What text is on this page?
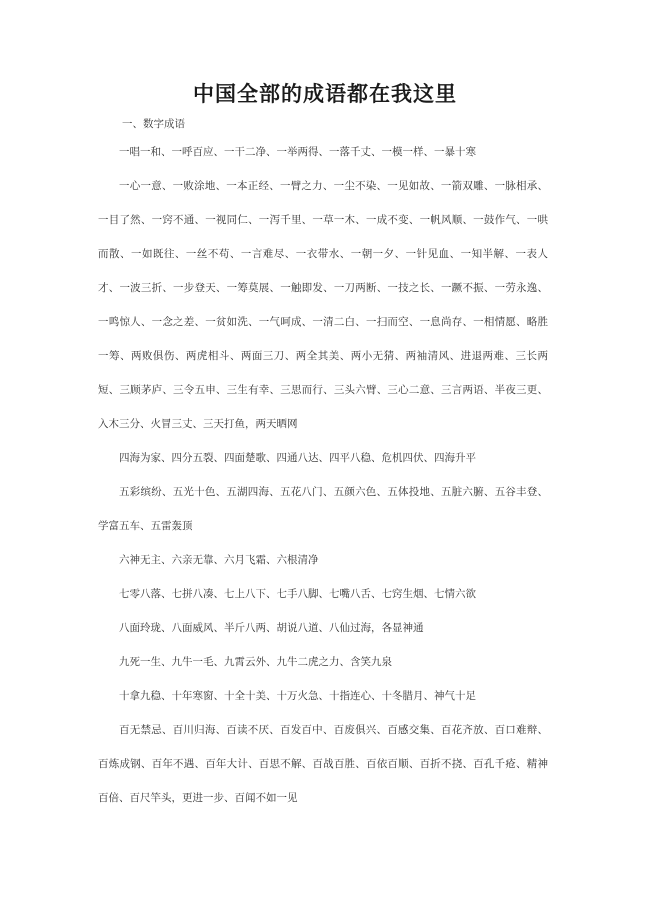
中国全部的成语都在我这里

一、数字成语

一唱一和、一呼百应、一干二净、一举两得、一落千丈、一模一样、一暴十寒

一心一意、一败涂地、一本正经、一臂之力、一尘不染、一见如故、一箭双雕、一脉相承、一目了然、一窍不通、一视同仁、一泻千里、一草一木、一成不变、一帆风顺、一鼓作气、一哄而散、一如既往、一丝不苟、一言难尽、一衣带水、一朝一夕、一针见血、一知半解、一表人才、一波三折、一步登天、一筹莫展、一触即发、一刀两断、一技之长、一蹶不振、一劳永逸、一鸣惊人、一念之差、一贫如洗、一气呵成、一清二白、一扫而空、一息尚存、一相情愿、略胜一筹、两败俱伤、两虎相斗、两面三刀、两全其美、两小无猜、两袖清风、进退两难、三长两短、三顾茅庐、三令五申、三生有幸、三思而行、三头六臂、三心二意、三言两语、半夜三更、入木三分、火冒三丈、三天打鱼，两天晒网

四海为家、四分五裂、四面楚歌、四通八达、四平八稳、危机四伏、四海升平

五彩缤纷、五光十色、五湖四海、五花八门、五颜六色、五体投地、五脏六腑、五谷丰登、学富五车、五雷轰顶

六神无主、六亲无靠、六月飞霜、六根清净

七零八落、七拼八凑、七上八下、七手八脚、七嘴八舌、七窍生烟、七情六欲

八面玲珑、八面威风、半斤八两、胡说八道、八仙过海，各显神通

九死一生、九牛一毛、九霄云外、九牛二虎之力、含笑九泉

十拿九稳、十年寒窗、十全十美、十万火急、十指连心、十冬腊月、神气十足

百无禁忌、百川归海、百读不厌、百发百中、百废俱兴、百感交集、百花齐放、百口难辩、百炼成钢、百年不遇、百年大计、百思不解、百战百胜、百依百顺、百折不挠、百孔千疮、精神百倍、百尺竿头，更进一步、百闻不如一见
